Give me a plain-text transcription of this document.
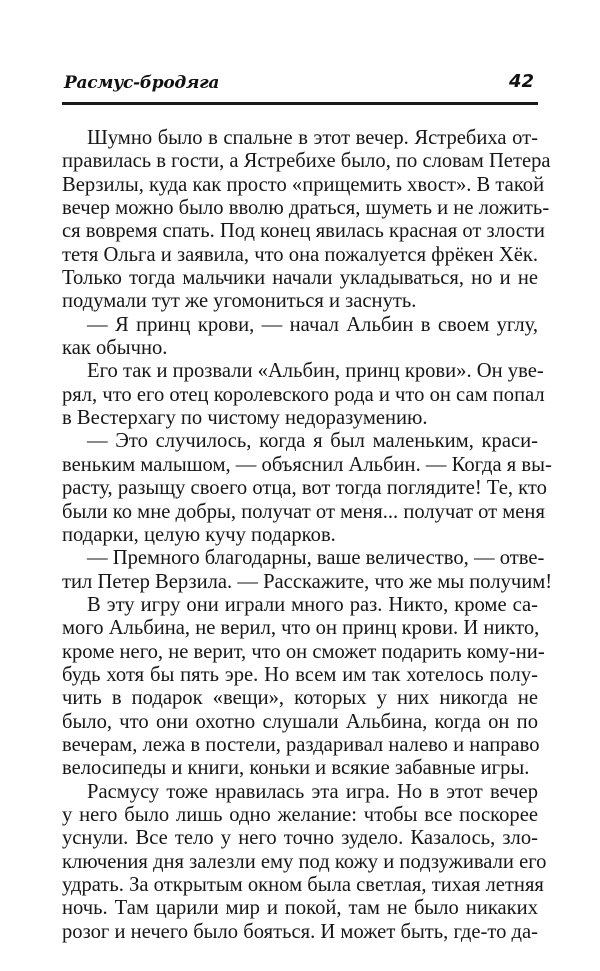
Расмус-бродяга	42
Шумно было в спальне в этот вечер. Ястребиха от-
правилась в гости, а Ястребихе было, по словам Петера
Верзилы, куда как просто «прищемить хвост». В такой
вечер можно было вволю драться, шуметь и не ложить-
ся вовремя спать. Под конец явилась красная от злости
тетя Ольга и заявила, что она пожалуется фрёкен Хёк.
Только тогда мальчики начали укладываться, но и не
подумали тут же угомониться и заснуть.
— Я принц крови, — начал Альбин в своем углу,
как обычно.
Его так и прозвали «Альбин, принц крови». Он уве-
рял, что его отец королевского рода и что он сам попал
в Вестерхагу по чистому недоразумению.
— Это случилось, когда я был маленьким, краси-
веньким малышом, — объяснил Альбин. — Когда я вы-
расту, разыщу своего отца, вот тогда поглядите! Те, кто
были ко мне добры, получат от меня... получат от меня
подарки, целую кучу подарков.
— Премного благодарны, ваше величество, — отве-
тил Петер Верзила. — Расскажите, что же мы получим!
В эту игру они играли много раз. Никто, кроме са-
мого Альбина, не верил, что он принц крови. И никто,
кроме него, не верит, что он сможет подарить кому-ни-
будь хотя бы пять эре. Но всем им так хотелось полу-
чить в подарок «вещи», которых у них никогда не
было, что они охотно слушали Альбина, когда он по
вечерам, лежа в постели, раздаривал налево и направо
велосипеды и книги, коньки и всякие забавные игры.
Расмусу тоже нравилась эта игра. Но в этот вечер
у него было лишь одно желание: чтобы все поскорее
уснули. Все тело у него точно зудело. Казалось, зло-
ключения дня залезли ему под кожу и подзуживали его
удрать. За открытым окном была светлая, тихая летняя
ночь. Там царили мир и покой, там не было никаких
розог и нечего было бояться. И может быть, где-то да-
